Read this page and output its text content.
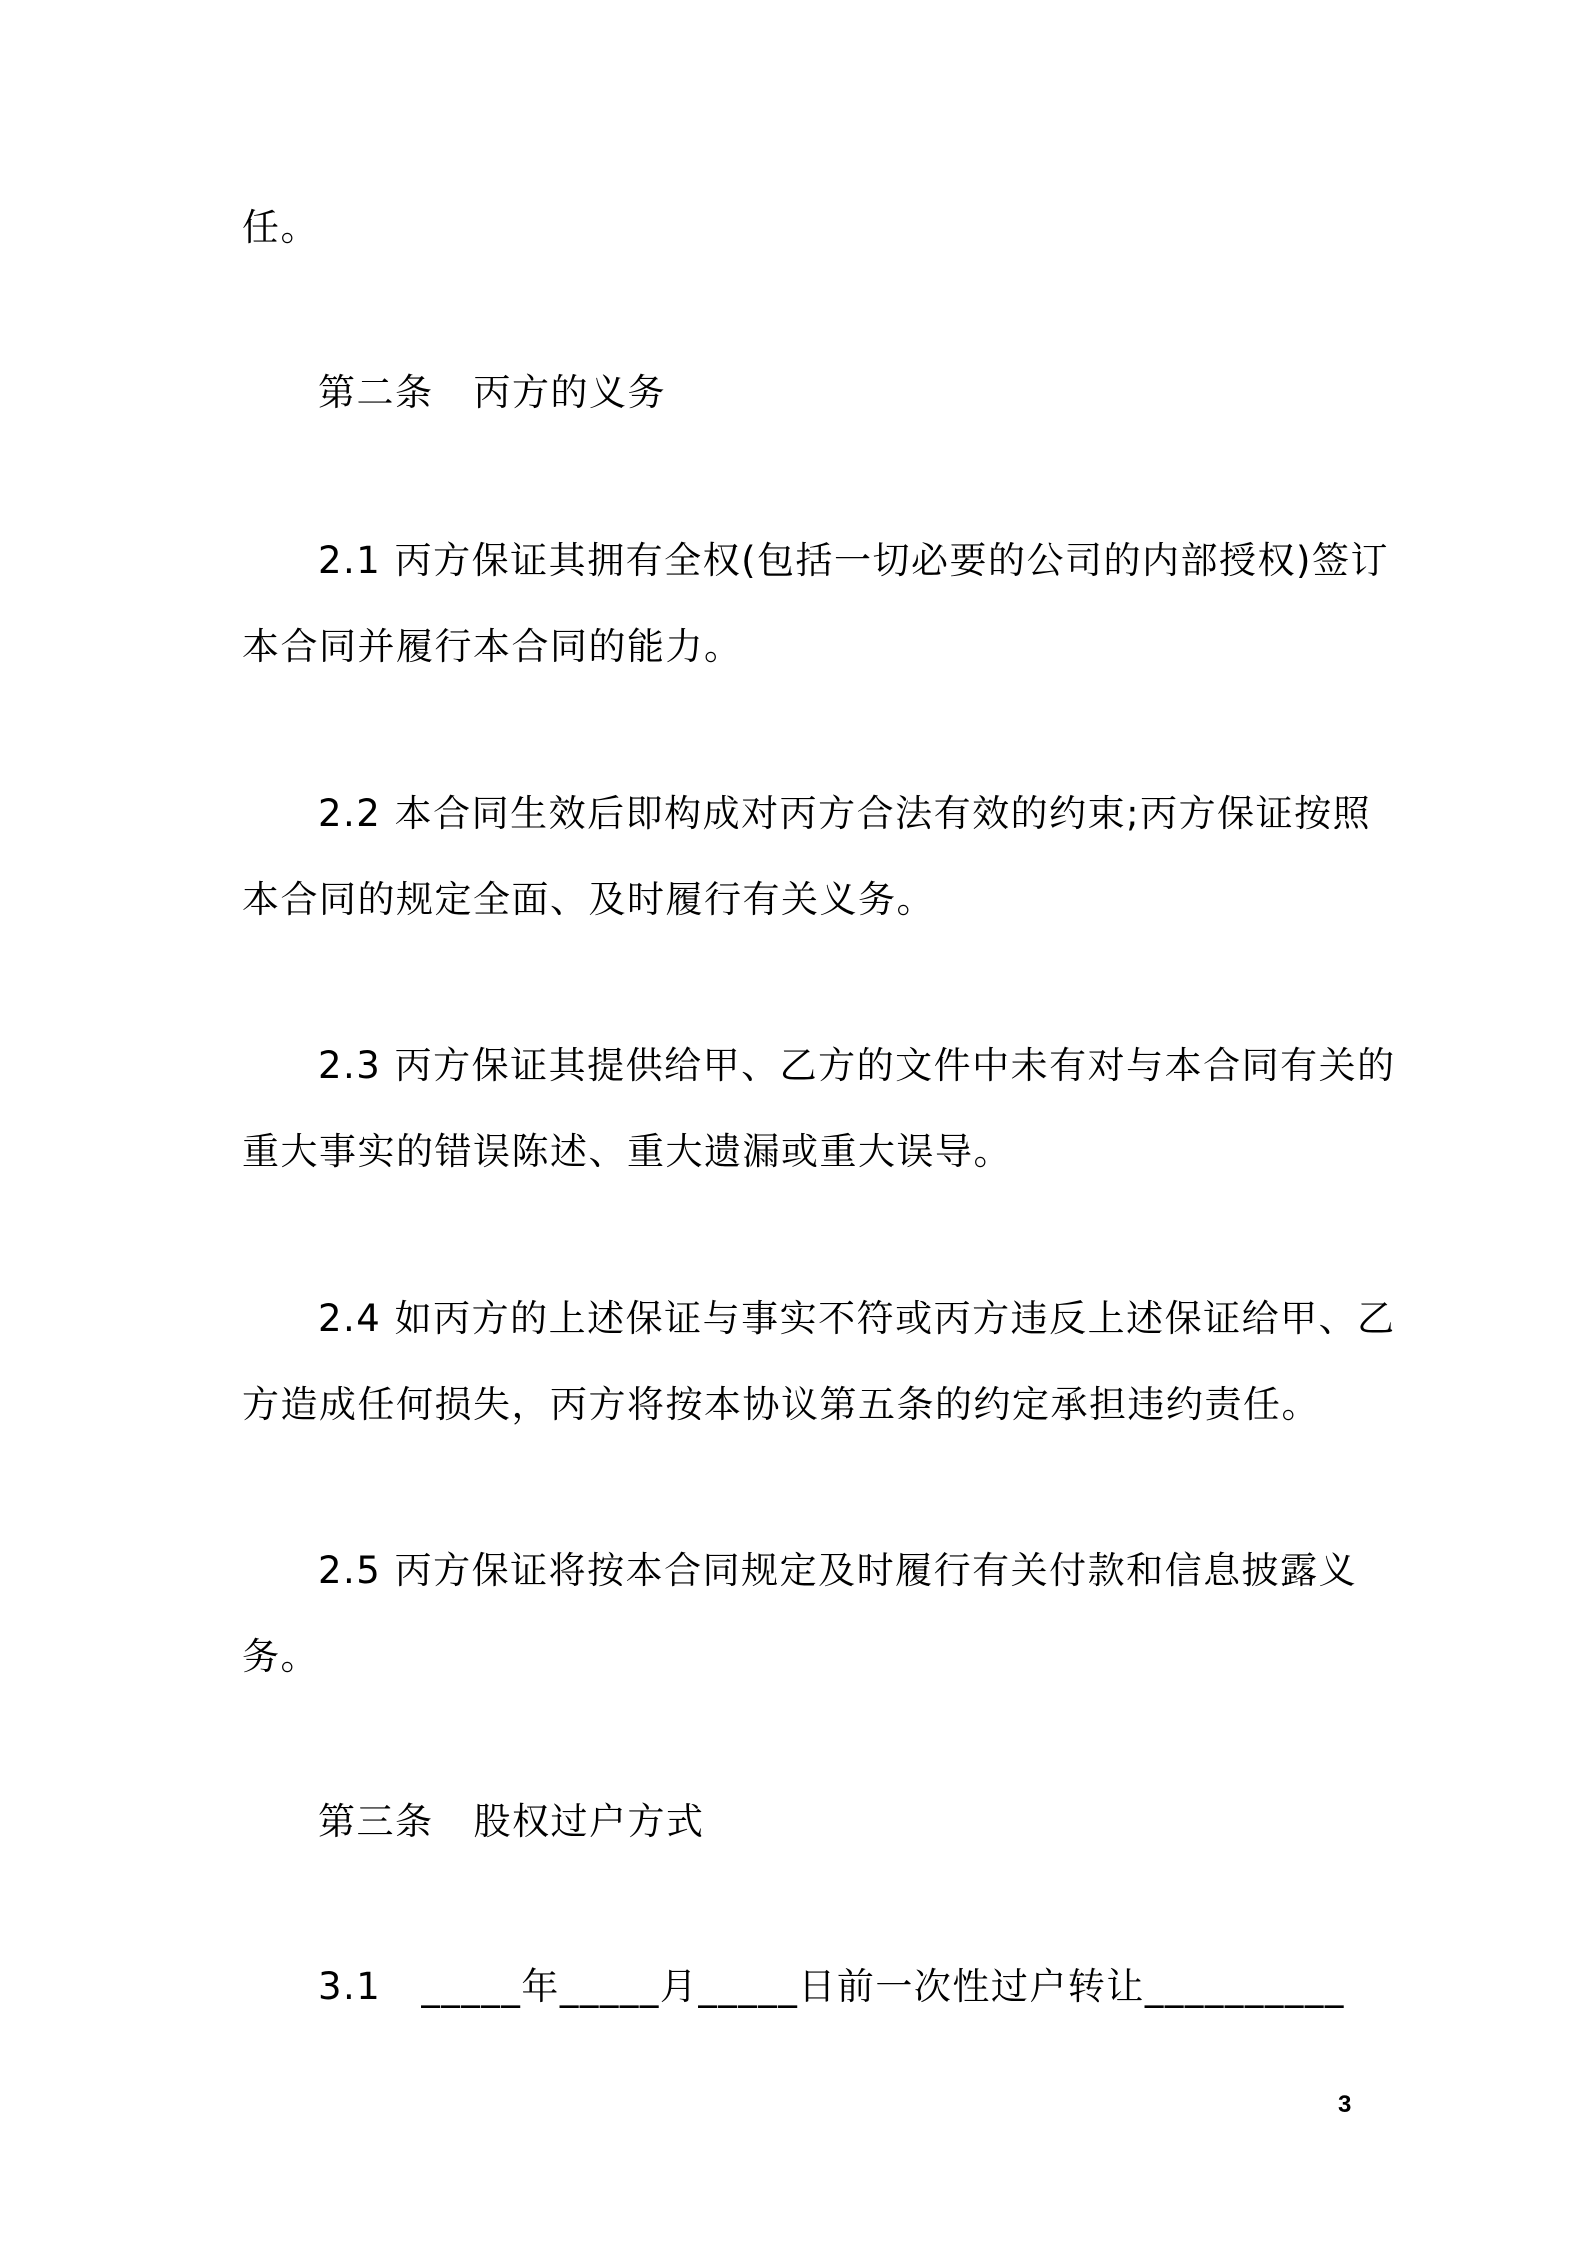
任。
第二条 丙方的义务
2.1 丙方保证其拥有全权(包括一切必要的公司的内部授权)签订
本合同并履行本合同的能力。
2.2 本合同生效后即构成对丙方合法有效的约束;丙方保证按照
本合同的规定全面、及时履行有关义务。
2.3 丙方保证其提供给甲、乙方的文件中未有对与本合同有关的
重大事实的错误陈述、重大遗漏或重大误导。
2.4 如丙方的上述保证与事实不符或丙方违反上述保证给甲、乙
方造成任何损失，丙方将按本协议第五条的约定承担违约责任。
2.5 丙方保证将按本合同规定及时履行有关付款和信息披露义
务。
第三条 股权过户方式
3.1 _____年_____月_____日前一次性过户转让__________
3
